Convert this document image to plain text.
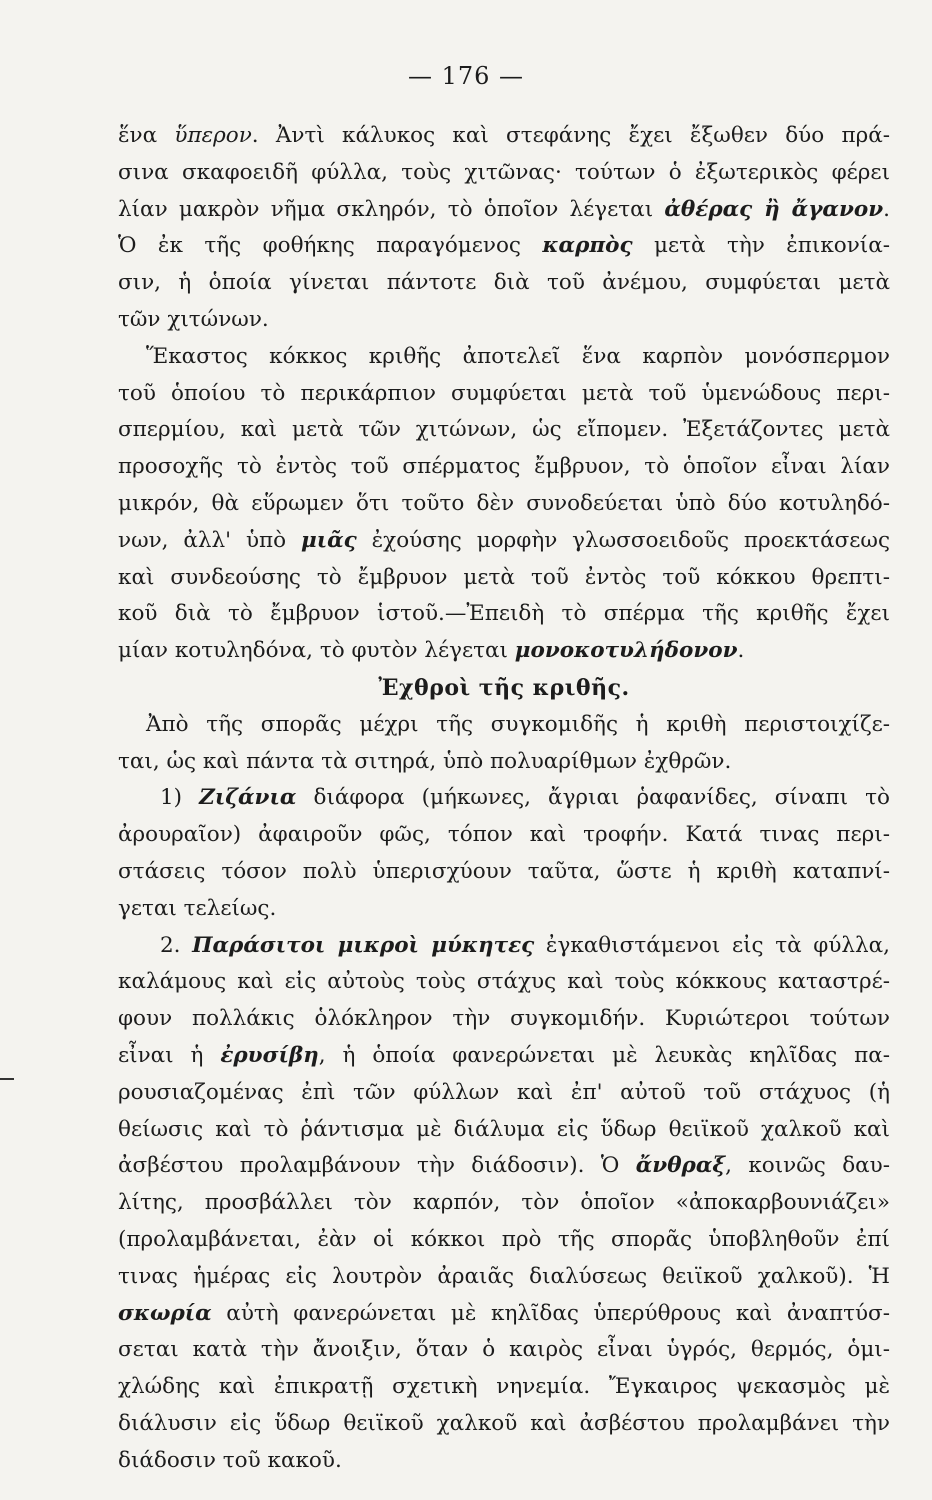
— 176 —
ἕνα ὕπερον. Ἀντὶ κάλυκος καὶ στεφάνης ἔχει ἔξωθεν δύο πρά-
σινα σκαφοειδῆ φύλλα, τοὺς χιτῶνας· τούτων ὁ ἐξωτερικὸς φέρει
λίαν μακρὸν νῆμα σκληρόν, τὸ ὁποῖον λέγεται ἀθέρας ἢ ἄγανον.
Ὁ ἐκ τῆς φοθήκης παραγόμενος καρπὸς μετὰ τὴν ἐπικονία-
σιν, ἡ ὁποία γίνεται πάντοτε διὰ τοῦ ἀνέμου, συμφύεται μετὰ
τῶν χιτώνων.
Ἕκαστος κόκκος κριθῆς ἀποτελεῖ ἕνα καρπὸν μονόσπερμον
τοῦ ὁποίου τὸ περικάρπιον συμφύεται μετὰ τοῦ ὑμενώδους περι-
σπερμίου, καὶ μετὰ τῶν χιτώνων, ὡς εἴπομεν. Ἐξετάζοντες μετὰ
προσοχῆς τὸ ἐντὸς τοῦ σπέρματος ἔμβρυον, τὸ ὁποῖον εἶναι λίαν
μικρόν, θὰ εὕρωμεν ὅτι τοῦτο δὲν συνοδεύεται ὑπὸ δύο κοτυληδό-
νων, ἀλλ' ὑπὸ μιᾶς ἐχούσης μορφὴν γλωσσοειδοῦς προεκτάσεως
καὶ συνδεούσης τὸ ἔμβρυον μετὰ τοῦ ἐντὸς τοῦ κόκκου θρεπτι-
κοῦ διὰ τὸ ἔμβρυον ἱστοῦ.—Ἐπειδὴ τὸ σπέρμα τῆς κριθῆς ἔχει
μίαν κοτυληδόνα, τὸ φυτὸν λέγεται μονοκοτυλήδονον.
Ἐχθροὶ τῆς κριθῆς.
Ἀπὸ τῆς σπορᾶς μέχρι τῆς συγκομιδῆς ἡ κριθὴ περιστοιχίζε-
ται, ὡς καὶ πάντα τὰ σιτηρά, ὑπὸ πολυαρίθμων ἐχθρῶν.
1) Ζιζάνια διάφορα (μήκωνες, ἄγριαι ῥαφανίδες, σίναπι τὸ
ἀρουραῖον) ἀφαιροῦν φῶς, τόπον καὶ τροφήν. Κατά τινας περι-
στάσεις τόσον πολὺ ὑπερισχύουν ταῦτα, ὥστε ἡ κριθὴ καταπνί-
γεται τελείως.
2. Παράσιτοι μικροὶ μύκητες ἐγκαθιστάμενοι εἰς τὰ φύλλα,
καλάμους καὶ εἰς αὐτοὺς τοὺς στάχυς καὶ τοὺς κόκκους καταστρέ-
φουν πολλάκις ὁλόκληρον τὴν συγκομιδήν. Κυριώτεροι τούτων
εἶναι ἡ ἐρυσίβη, ἡ ὁποία φανερώνεται μὲ λευκὰς κηλῖδας πα-
ρουσιαζομένας ἐπὶ τῶν φύλλων καὶ ἐπ' αὐτοῦ τοῦ στάχυος (ἡ
θείωσις καὶ τὸ ῥάντισμα μὲ διάλυμα εἰς ὕδωρ θειϊκοῦ χαλκοῦ καὶ
ἀσβέστου προλαμβάνουν τὴν διάδοσιν). Ὁ ἄνθραξ, κοινῶς δαυ-
λίτης, προσβάλλει τὸν καρπόν, τὸν ὁποῖον «ἀποκαρβουνιάζει»
(προλαμβάνεται, ἐὰν οἱ κόκκοι πρὸ τῆς σπορᾶς ὑποβληθοῦν ἐπί
τινας ἡμέρας εἰς λουτρὸν ἀραιᾶς διαλύσεως θειϊκοῦ χαλκοῦ). Ἡ
σκωρία αὐτὴ φανερώνεται μὲ κηλῖδας ὑπερύθρους καὶ ἀναπτύσ-
σεται κατὰ τὴν ἄνοιξιν, ὅταν ὁ καιρὸς εἶναι ὑγρός, θερμός, ὁμι-
χλώδης καὶ ἐπικρατῇ σχετικὴ νηνεμία. Ἔγκαιρος ψεκασμὸς μὲ
διάλυσιν εἰς ὕδωρ θειϊκοῦ χαλκοῦ καὶ ἀσβέστου προλαμβάνει τὴν
διάδοσιν τοῦ κακοῦ.
